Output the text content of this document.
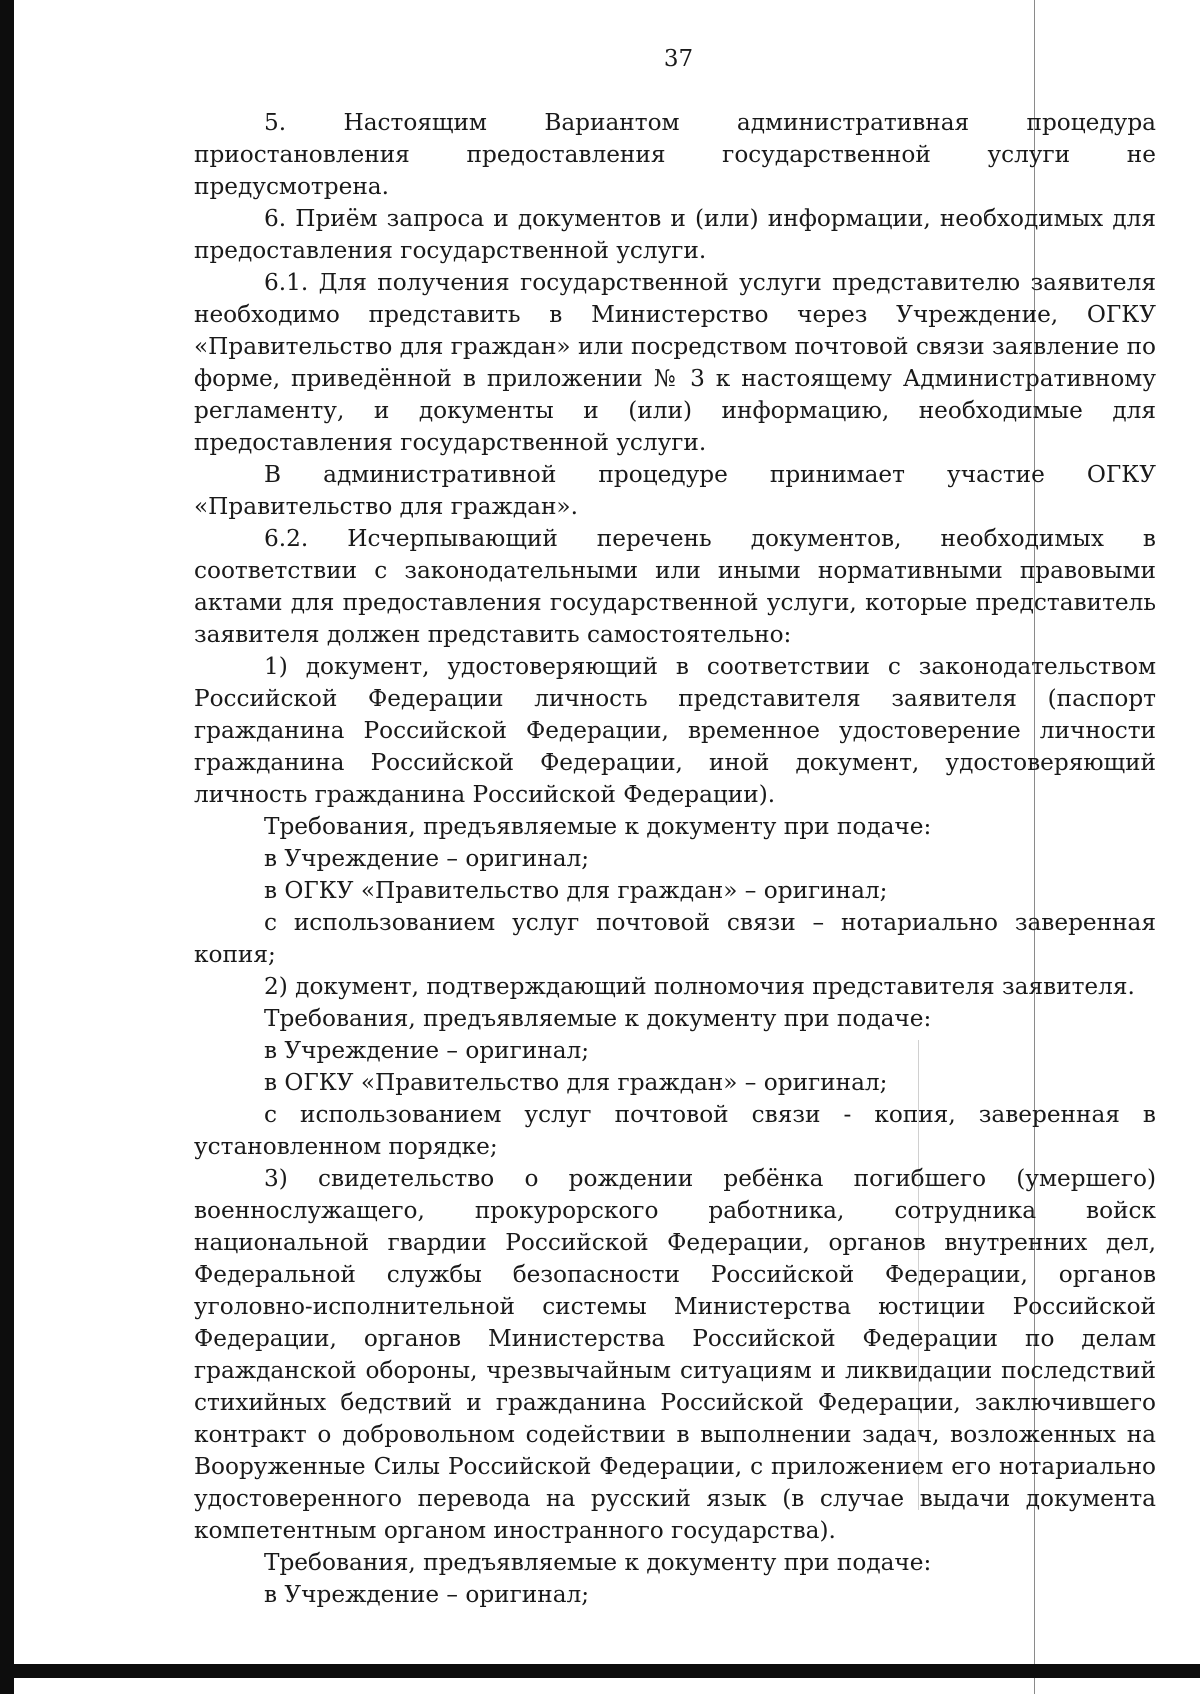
37

5. Настоящим Вариантом административная процедура приостановления предоставления государственной услуги не предусмотрена.

6. Приём запроса и документов и (или) информации, необходимых для предоставления государственной услуги.

6.1. Для получения государственной услуги представителю заявителя необходимо представить в Министерство через Учреждение, ОГКУ «Правительство для граждан» или посредством почтовой связи заявление по форме, приведённой в приложении № 3 к настоящему Административному регламенту, и документы и (или) информацию, необходимые для предоставления государственной услуги.

В административной процедуре принимает участие ОГКУ «Правительство для граждан».

6.2. Исчерпывающий перечень документов, необходимых в соответствии с законодательными или иными нормативными правовыми актами для предоставления государственной услуги, которые представитель заявителя должен представить самостоятельно:

1) документ, удостоверяющий в соответствии с законодательством Российской Федерации личность представителя заявителя (паспорт гражданина Российской Федерации, временное удостоверение личности гражданина Российской Федерации, иной документ, удостоверяющий личность гражданина Российской Федерации).

Требования, предъявляемые к документу при подаче:

в Учреждение – оригинал;

в ОГКУ «Правительство для граждан» – оригинал;

с использованием услуг почтовой связи – нотариально заверенная копия;

2) документ, подтверждающий полномочия представителя заявителя.

Требования, предъявляемые к документу при подаче:

в Учреждение – оригинал;

в ОГКУ «Правительство для граждан» – оригинал;

с использованием услуг почтовой связи - копия, заверенная в установленном порядке;

3) свидетельство о рождении ребёнка погибшего (умершего) военнослужащего, прокурорского работника, сотрудника войск национальной гвардии Российской Федерации, органов внутренних дел, Федеральной службы безопасности Российской Федерации, органов уголовно-исполнительной системы Министерства юстиции Российской Федерации, органов Министерства Российской Федерации по делам гражданской обороны, чрезвычайным ситуациям и ликвидации последствий стихийных бедствий и гражданина Российской Федерации, заключившего контракт о добровольном содействии в выполнении задач, возложенных на Вооруженные Силы Российской Федерации, с приложением его нотариально удостоверенного перевода на русский язык (в случае выдачи документа компетентным органом иностранного государства).

Требования, предъявляемые к документу при подаче:

в Учреждение – оригинал;
